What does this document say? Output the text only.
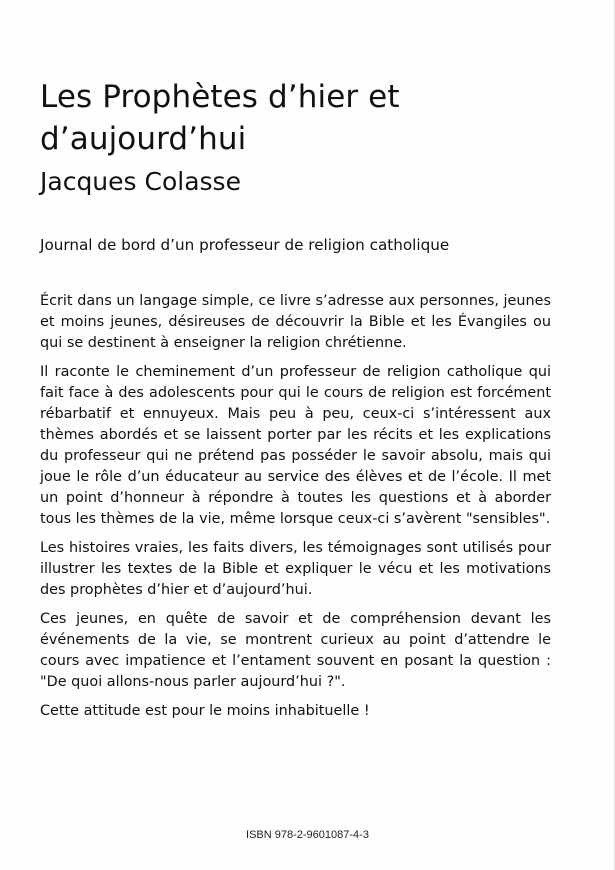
Les Prophètes d’hier et d’aujourd’hui
Jacques Colasse

Journal de bord d’un professeur de religion catholique

Écrit dans un langage simple, ce livre s’adresse aux personnes, jeunes et moins jeunes, désireuses de découvrir la Bible et les Évangiles ou qui se destinent à enseigner la religion chrétienne.

Il raconte le cheminement d’un professeur de religion catholique qui fait face à des adolescents pour qui le cours de religion est forcément rébarbatif et ennuyeux. Mais peu à peu, ceux-ci s’intéressent aux thèmes abordés et se laissent porter par les récits et les explications du professeur qui ne prétend pas posséder le savoir absolu, mais qui joue le rôle d’un éducateur au service des élèves et de l’école. Il met un point d’honneur à répondre à toutes les questions et à aborder tous les thèmes de la vie, même lorsque ceux-ci s’avèrent "sensibles".

Les histoires vraies, les faits divers, les témoignages sont utilisés pour illustrer les textes de la Bible et expliquer le vécu et les motivations des prophètes d’hier et d’aujourd’hui.

Ces jeunes, en quête de savoir et de compréhension devant les événements de la vie, se montrent curieux au point d’attendre le cours avec impatience et l’entament souvent en posant la question : "De quoi allons-nous parler aujourd’hui ?".

Cette attitude est pour le moins inhabituelle !

ISBN 978-2-9601087-4-3
